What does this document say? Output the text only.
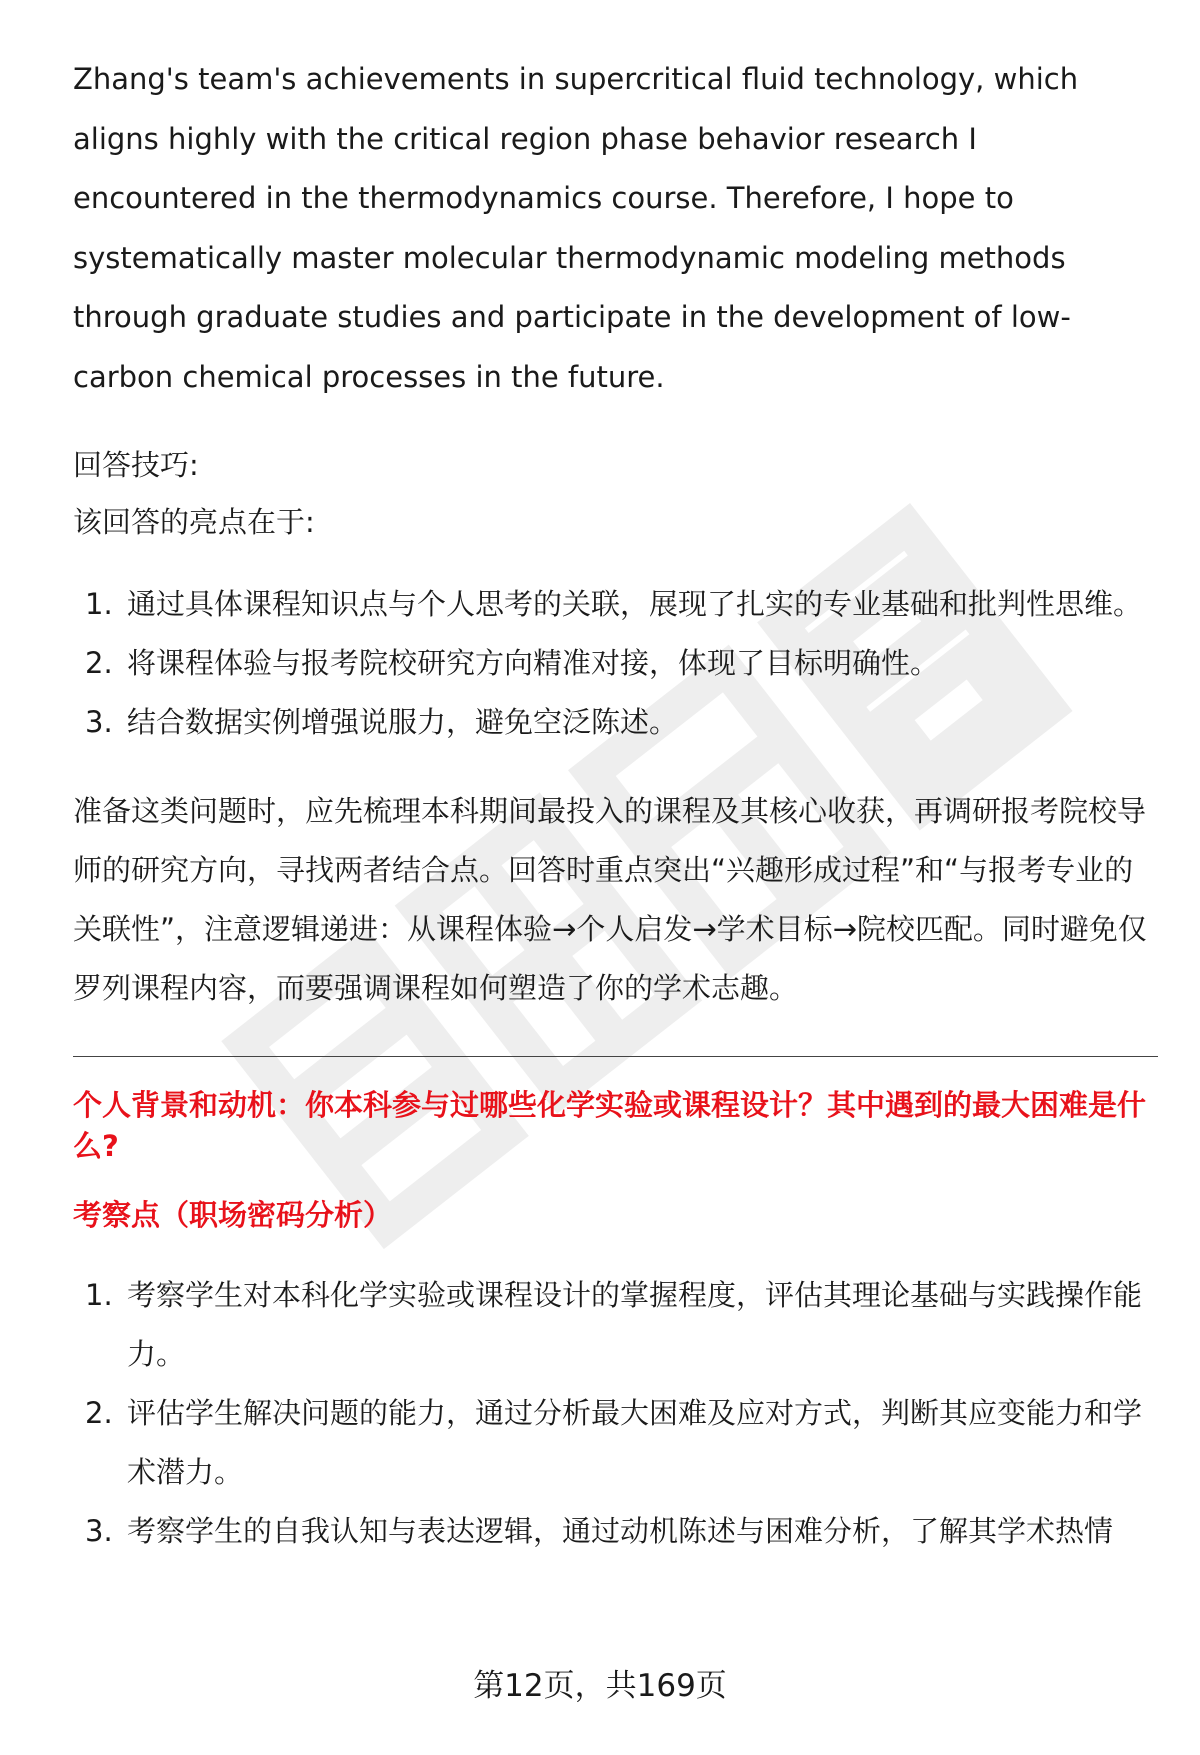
Zhang's team's achievements in supercritical fluid technology, which aligns highly with the critical region phase behavior research I encountered in the thermodynamics course. Therefore, I hope to systematically master molecular thermodynamic modeling methods through graduate studies and participate in the development of low-carbon chemical processes in the future.

回答技巧:

该回答的亮点在于:

1. 通过具体课程知识点与个人思考的关联，展现了扎实的专业基础和批判性思维。
2. 将课程体验与报考院校研究方向精准对接，体现了目标明确性。
3. 结合数据实例增强说服力，避免空泛陈述。

准备这类问题时，应先梳理本科期间最投入的课程及其核心收获，再调研报考院校导师的研究方向，寻找两者结合点。回答时重点突出“兴趣形成过程”和“与报考专业的关联性”，注意逻辑递进：从课程体验→个人启发→学术目标→院校匹配。同时避免仅罗列课程内容，而要强调课程如何塑造了你的学术志趣。

个人背景和动机：你本科参与过哪些化学实验或课程设计？其中遇到的最大困难是什么?

考察点（职场密码分析）

1. 考察学生对本科化学实验或课程设计的掌握程度，评估其理论基础与实践操作能力。
2. 评估学生解决问题的能力，通过分析最大困难及应对方式，判断其应变能力和学术潜力。
3. 考察学生的自我认知与表达逻辑，通过动机陈述与困难分析，了解其学术热情
第12页，共169页
